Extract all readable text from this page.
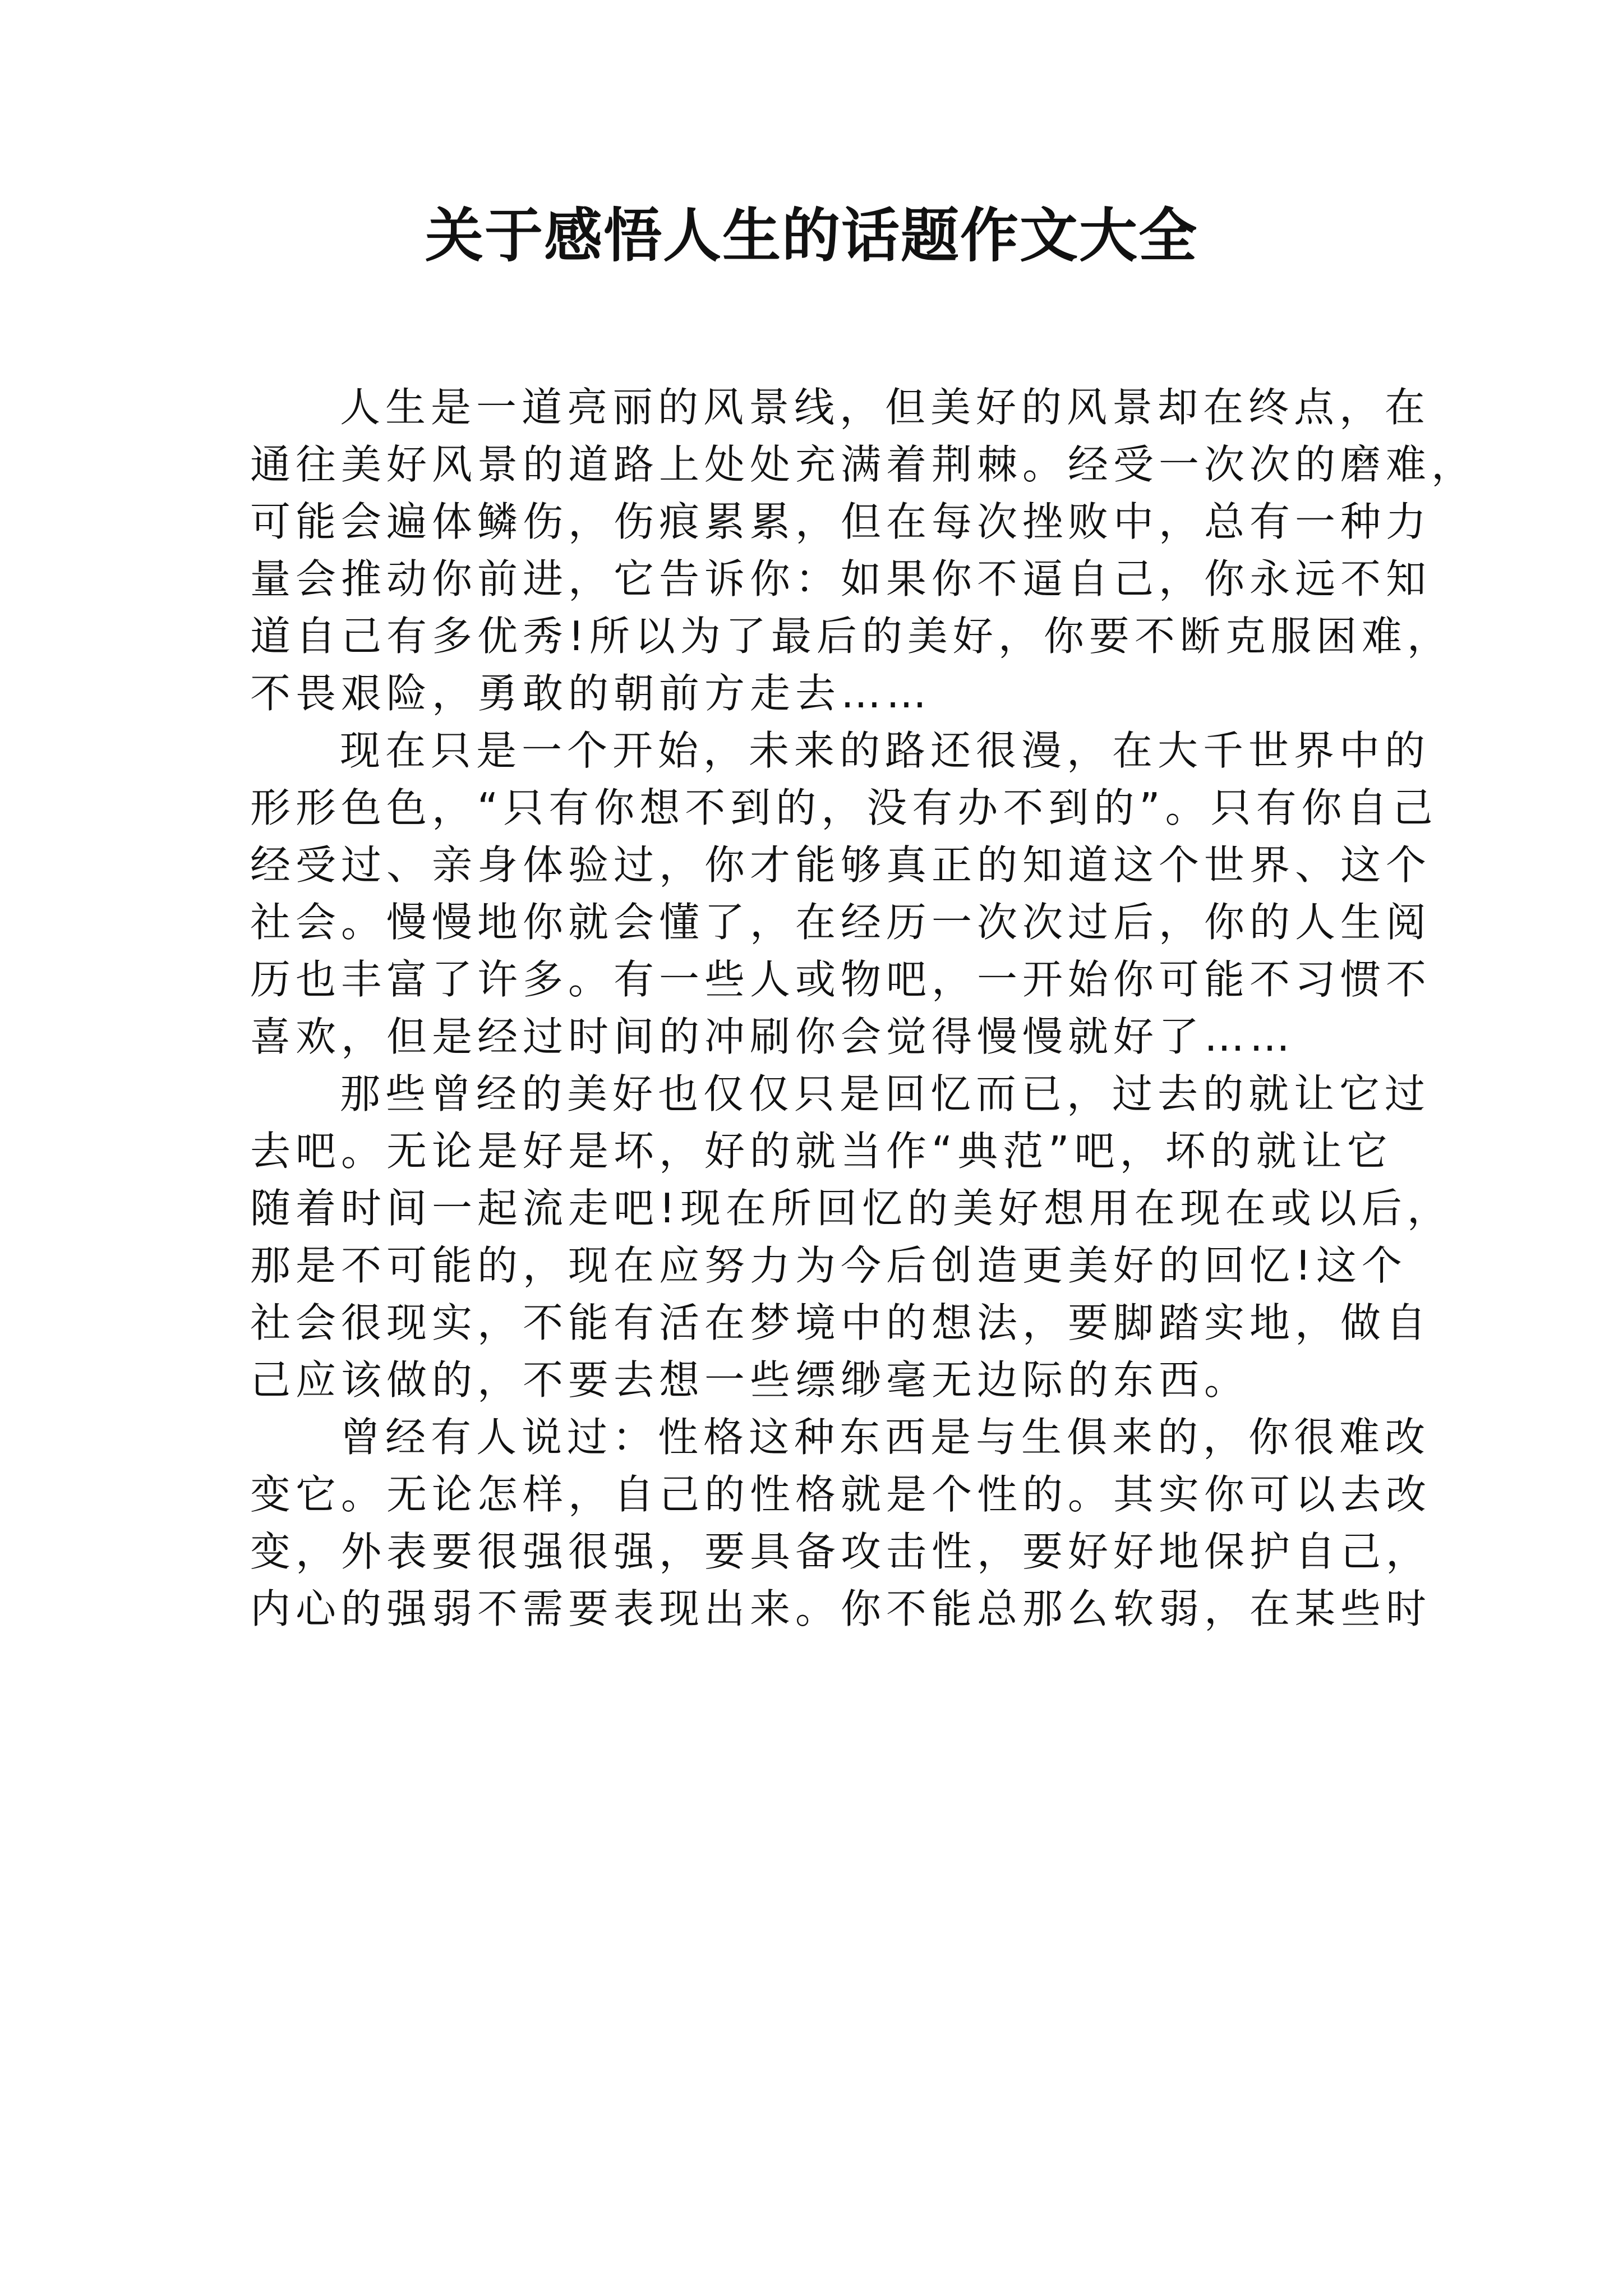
关于感悟人生的话题作文大全

人生是一道亮丽的风景线，但美好的风景却在终点，在
通往美好风景的道路上处处充满着荆棘。经受一次次的磨难，
可能会遍体鳞伤，伤痕累累，但在每次挫败中，总有一种力
量会推动你前进，它告诉你：如果你不逼自己，你永远不知
道自己有多优秀!所以为了最后的美好，你要不断克服困难，
不畏艰险，勇敢的朝前方走去……

现在只是一个开始，未来的路还很漫，在大千世界中的
形形色色，“只有你想不到的，没有办不到的”。只有你自己
经受过、亲身体验过，你才能够真正的知道这个世界、这个
社会。慢慢地你就会懂了，在经历一次次过后，你的人生阅
历也丰富了许多。有一些人或物吧，一开始你可能不习惯不
喜欢，但是经过时间的冲刷你会觉得慢慢就好了……

那些曾经的美好也仅仅只是回忆而已，过去的就让它过
去吧。无论是好是坏，好的就当作“典范”吧，坏的就让它
随着时间一起流走吧!现在所回忆的美好想用在现在或以后，
那是不可能的，现在应努力为今后创造更美好的回忆!这个
社会很现实，不能有活在梦境中的想法，要脚踏实地，做自
己应该做的，不要去想一些缥缈毫无边际的东西。

曾经有人说过：性格这种东西是与生俱来的，你很难改
变它。无论怎样，自己的性格就是个性的。其实你可以去改
变，外表要很强很强，要具备攻击性，要好好地保护自己，
内心的强弱不需要表现出来。你不能总那么软弱，在某些时
